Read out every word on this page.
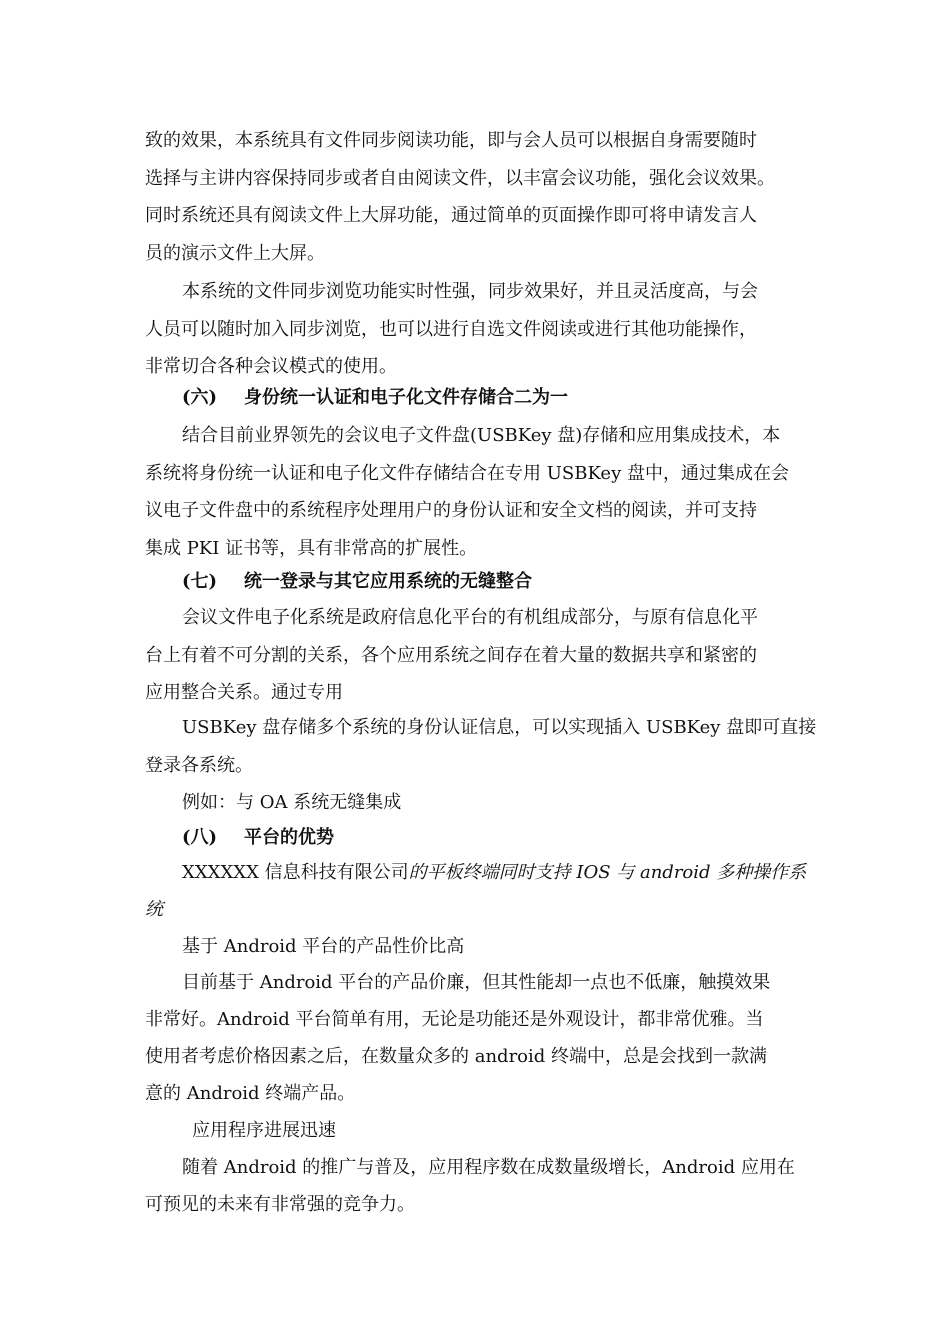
致的效果，本系统具有文件同步阅读功能，即与会人员可以根据自身需要随时
选择与主讲内容保持同步或者自由阅读文件，以丰富会议功能，强化会议效果。
同时系统还具有阅读文件上大屏功能，通过简单的页面操作即可将申请发言人
员的演示文件上大屏。
本系统的文件同步浏览功能实时性强，同步效果好，并且灵活度高，与会
人员可以随时加入同步浏览，也可以进行自选文件阅读或进行其他功能操作，
非常切合各种会议模式的使用。
(六) 身份统一认证和电子化文件存储合二为一
结合目前业界领先的会议电子文件盘(USBKey 盘)存储和应用集成技术，本
系统将身份统一认证和电子化文件存储结合在专用 USBKey 盘中，通过集成在会
议电子文件盘中的系统程序处理用户的身份认证和安全文档的阅读，并可支持
集成 PKI 证书等，具有非常高的扩展性。
(七) 统一登录与其它应用系统的无缝整合
会议文件电子化系统是政府信息化平台的有机组成部分，与原有信息化平
台上有着不可分割的关系，各个应用系统之间存在着大量的数据共享和紧密的
应用整合关系。通过专用
USBKey 盘存储多个系统的身份认证信息，可以实现插入 USBKey 盘即可直接
登录各系统。
例如：与 OA 系统无缝集成
(八) 平台的优势
XXXXXX 信息科技有限公司的平板终端同时支持 IOS 与 android 多种操作系
统
基于 Android 平台的产品性价比高
目前基于 Android 平台的产品价廉，但其性能却一点也不低廉，触摸效果
非常好。Android 平台简单有用，无论是功能还是外观设计，都非常优雅。当
使用者考虑价格因素之后，在数量众多的 android 终端中，总是会找到一款满
意的 Android 终端产品。
应用程序进展迅速
随着 Android 的推广与普及，应用程序数在成数量级增长，Android 应用在
可预见的未来有非常强的竞争力。
